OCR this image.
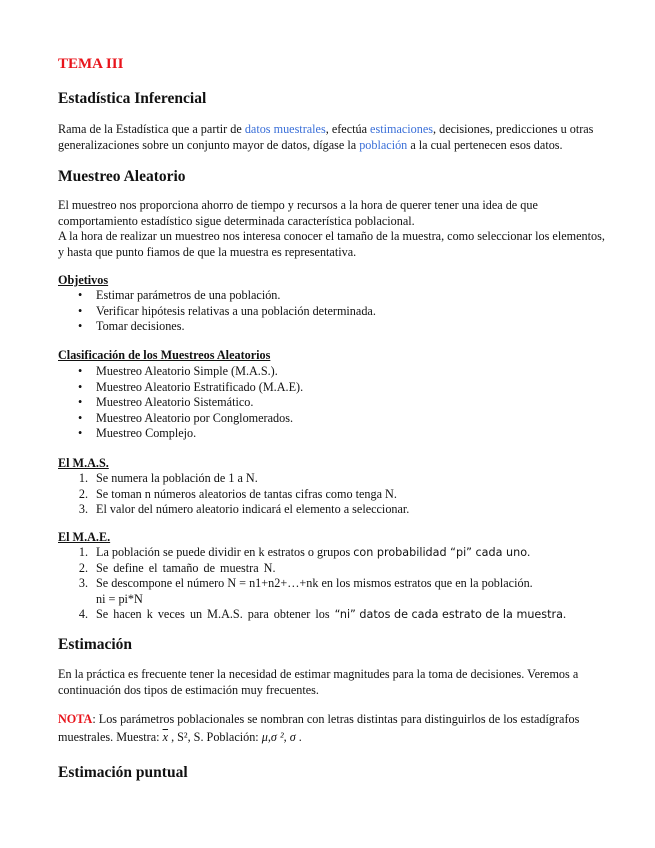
TEMA III
Estadística Inferencial
Rama de la Estadística que a partir de datos muestrales, efectúa estimaciones, decisiones, predicciones u otras generalizaciones sobre un conjunto mayor de datos, dígase la población a la cual pertenecen esos datos.
Muestreo Aleatorio
El muestreo nos proporciona ahorro de tiempo y recursos a la hora de querer tener una idea de que comportamiento estadístico sigue determinada característica poblacional.
A la hora de realizar un muestreo nos interesa conocer el tamaño de la muestra, como seleccionar los elementos, y hasta que punto fiamos de que la muestra es representativa.
Objetivos
• Estimar parámetros de una población.
• Verificar hipótesis relativas a una población determinada.
• Tomar decisiones.
Clasificación de los Muestreos Aleatorios
• Muestreo Aleatorio Simple (M.A.S.).
• Muestreo Aleatorio Estratificado (M.A.E).
• Muestreo Aleatorio Sistemático.
• Muestreo Aleatorio por Conglomerados.
• Muestreo Complejo.
El M.A.S.
1. Se numera la población de 1 a N.
2. Se toman n números aleatorios de tantas cifras como tenga N.
3. El valor del número aleatorio indicará el elemento a seleccionar.
El M.A.E.
1. La población se puede dividir en k estratos o grupos con probabilidad “pi” cada uno.
2. Se define el tamaño de muestra N.
3. Se descompone el número N = n1+n2+…+nk en los mismos estratos que en la población.
ni = pi*N
4. Se hacen k veces un M.A.S. para obtener los “ni” datos de cada estrato de la muestra.
Estimación
En la práctica es frecuente tener la necesidad de estimar magnitudes para la toma de decisiones. Veremos a continuación dos tipos de estimación muy frecuentes.
NOTA: Los parámetros poblacionales se nombran con letras distintas para distinguirlos de los estadígrafos muestrales. Muestra: $\overline{x}$ , S², S. Población: μ,σ ², σ .
Estimación puntual
